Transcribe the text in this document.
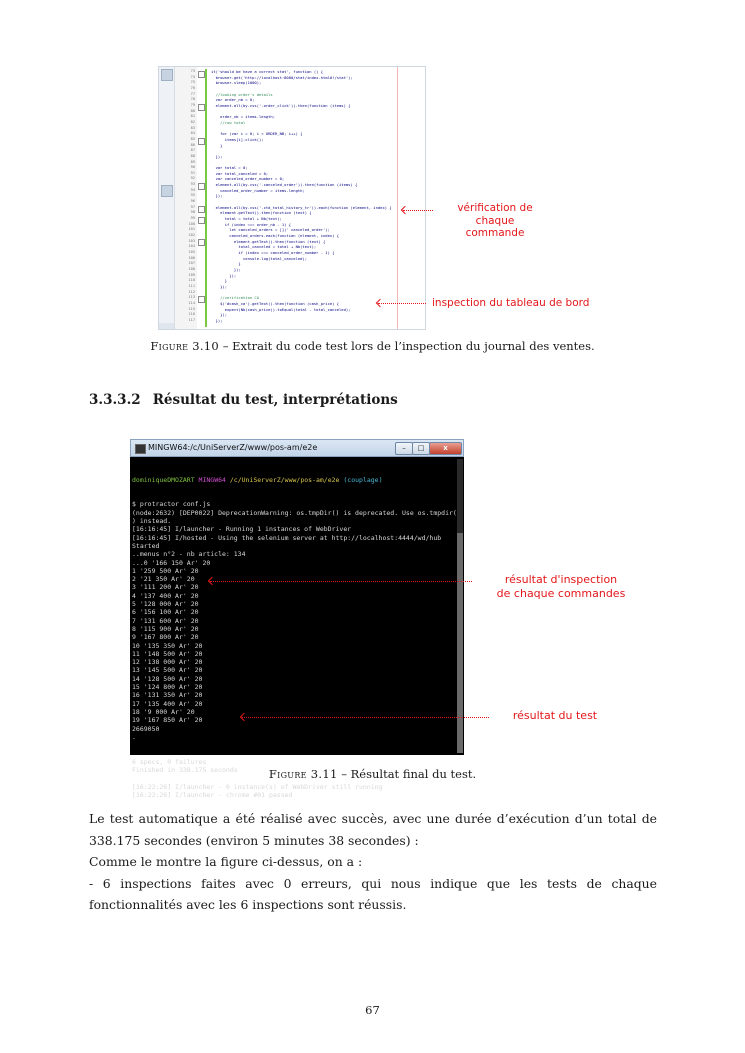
73
74
75
76
77
78
79
80
81
82
83
84
85
86
87
88
89
90
91
92
93
94
95
96
97
98
99
100
101
102
103
104
105
106
107
108
109
110
111
112
113
114
115
116
117
it('should be have a correct stat', function () {
browser.get('http://localhost:8000/stat/index.html#!/stat');
browser.sleep(1000);

//looking order's details
var order_nb = 0;
element.all(by.css('.order_click')).then(function (items) {

order_nb = items.length;
//row total

for (var i = 0; i < ORDER_NB; i++) {
items[i].click();
}

});

var total = 0;
var total_canceled = 0;
var canceled_order_number = 0;
element.all(by.css('.canceled_order')).then(function (items) {
canceled_order_number = items.length;
});

element.all(by.css('.ctd_total_history_tr')).each(function (element, index) {
element.getText().then(function (text) {
total = total + Nb(text);
if (index === order_nb - 1) {
let canceled_orders = [](' canceled_order');
canceled_orders.each(function (element, index) {
element.getText().then(function (text) {
total_canceled = total + Nb(text);
if (index === canceled_order_number - 1) {
console.log(total_canceled);
}
});
});
}
});

//verification CA
$('#cash_ca').getText().then(function (cash_price) {
expect(Nb(cash_price)).toEqual(total - total_canceled);
});
});
vérification de
chaque commande
inspection du tableau de bord
Figure 3.10 – Extrait du code test lors de l’inspection du journal des ventes.
3.3.3.2 Résultat du test, interprétations
MINGW64:/c/UniServerZ/www/pos-am/e2e	–	□	x

dominiqueDMOZART MINGW64 /c/UniServerZ/www/pos-am/e2e (couplage)

$ protractor conf.js
(node:2632) [DEP0022] DeprecationWarning: os.tmpDir() is deprecated. Use os.tmpdir(
) instead.
[16:16:45] I/launcher - Running 1 instances of WebDriver
[16:16:45] I/hosted - Using the selenium server at http://localhost:4444/wd/hub
Started
..menus n°2 - nb article: 134
...0 '166 150 Ar' 20
1 '259 500 Ar' 20
2 '21 350 Ar' 20
3 '111 200 Ar' 20
4 '137 400 Ar' 20
5 '128 000 Ar' 20
6 '156 100 Ar' 20
7 '131 600 Ar' 20
8 '115 900 Ar' 20
9 '167 800 Ar' 20
10 '135 350 Ar' 20
11 '148 500 Ar' 20
12 '138 000 Ar' 20
13 '145 500 Ar' 20
14 '128 500 Ar' 20
15 '124 800 Ar' 20
16 '131 350 Ar' 20
17 '135 400 Ar' 20
18 '9 000 Ar' 20
19 '167 850 Ar' 20
2669050
.
6 specs, 0 failures
Finished in 338.175 seconds
[16:22:26] I/launcher - 0 instance(s) of WebDriver still running
[16:22:26] I/launcher - chrome #01 passed

résultat d'inspection
de chaque commandes
résultat du test
Figure 3.11 – Résultat final du test.

Le test automatique a été réalisé avec succès, avec une durée d’exécution d’un total de 338.175 secondes (environ 5 minutes 38 secondes) :

Comme le montre la figure ci-dessus, on a :

- 6 inspections faites avec 0 erreurs, qui nous indique que les tests de chaque fonctionnalités avec les 6 inspections sont réussis.

67
